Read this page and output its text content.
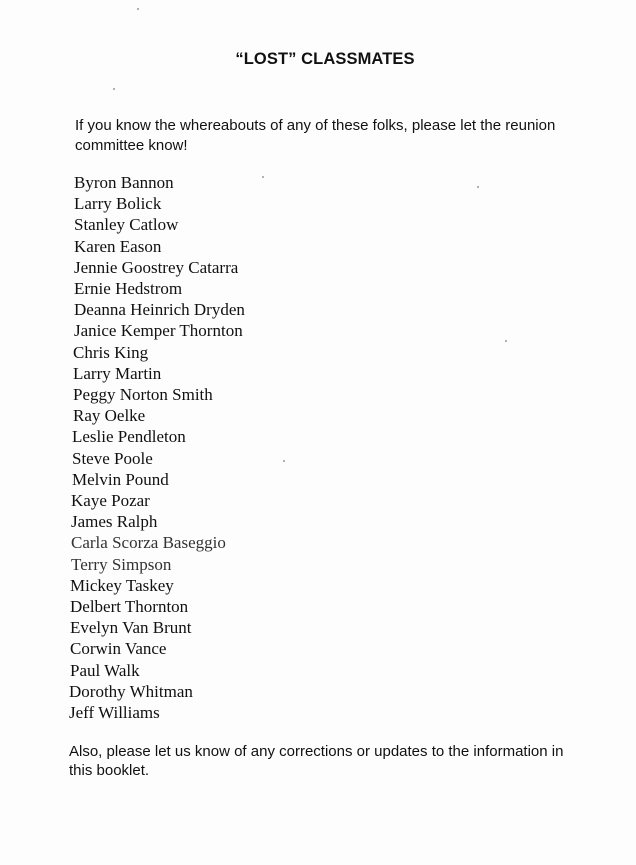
“LOST” CLASSMATES
If you know the whereabouts of any of these folks, please let the reunion committee know!
Byron Bannon
Larry Bolick
Stanley Catlow
Karen Eason
Jennie Goostrey Catarra
Ernie Hedstrom
Deanna Heinrich Dryden
Janice Kemper Thornton
Chris King
Larry Martin
Peggy Norton Smith
Ray Oelke
Leslie Pendleton
Steve Poole
Melvin Pound
Kaye Pozar
James Ralph
Carla Scorza Baseggio
Terry Simpson
Mickey Taskey
Delbert Thornton
Evelyn Van Brunt
Corwin Vance
Paul Walk
Dorothy Whitman
Jeff Williams
Also, please let us know of any corrections or updates to the information in this booklet.
